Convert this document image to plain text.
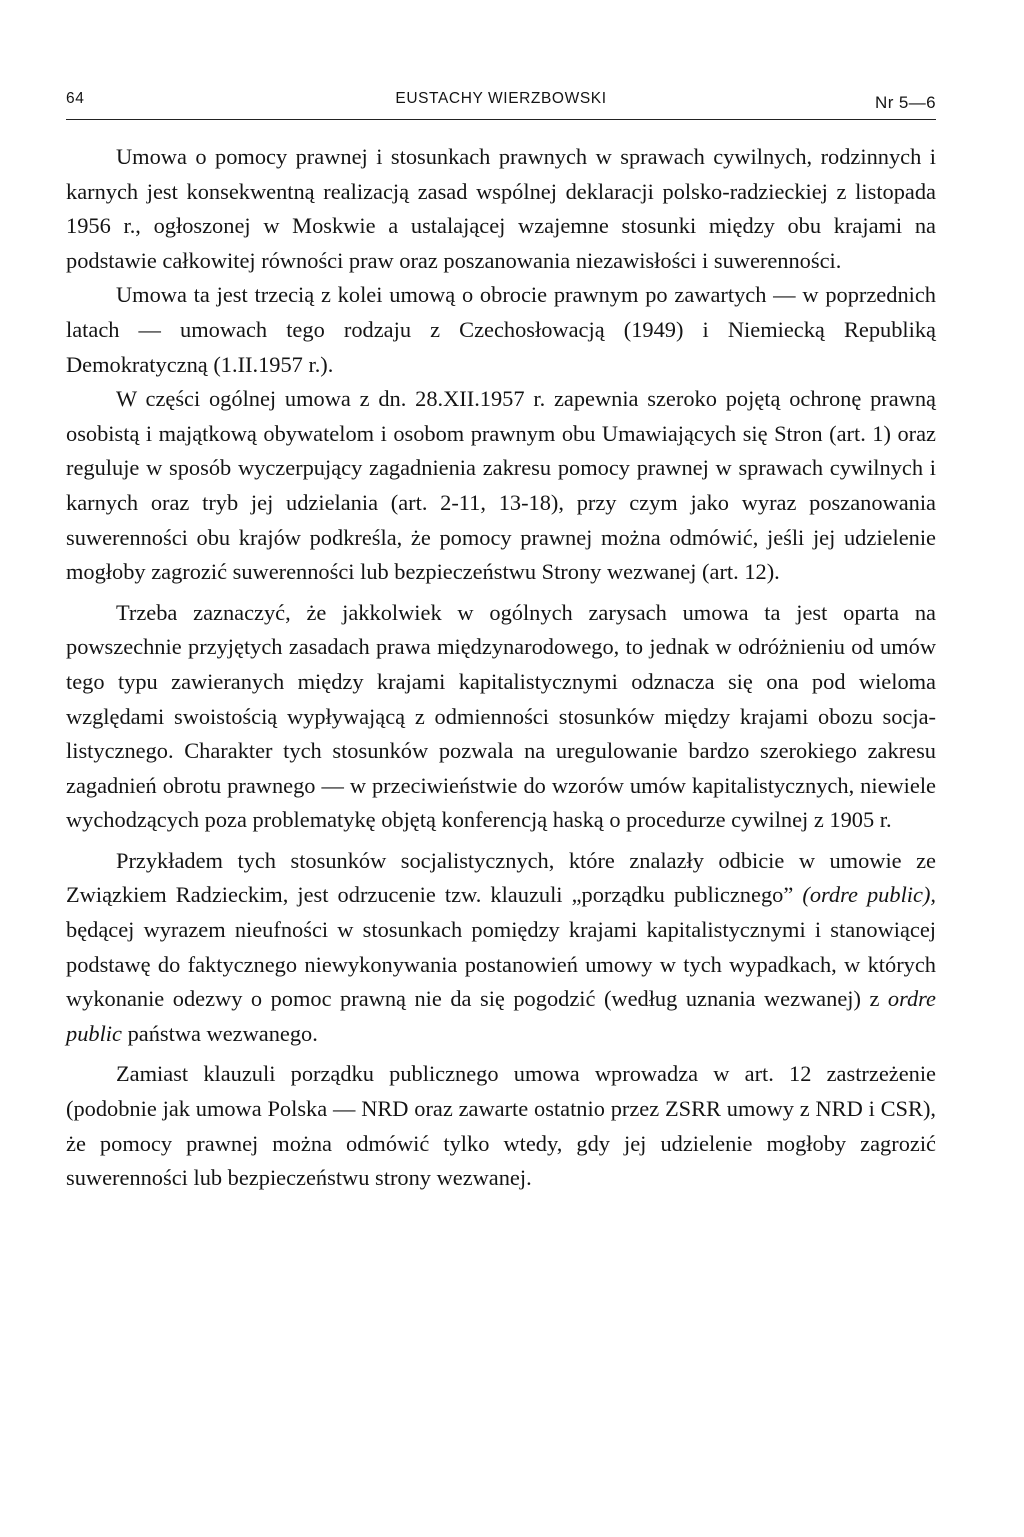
64	EUSTACHY WIERZBOWSKI	Nr 5—6

Umowa o pomocy prawnej i stosunkach prawnych w sprawach cywilnych, rodzinnych i karnych jest konsekwentną realizacją zasad wspólnej deklaracji polsko-radzieckiej z listopada 1956 r., ogłoszonej w Moskwie a ustalającej wzajemne stosunki między obu krajami na podstawie całkowitej równości praw oraz poszanowania niezawisłości i suwerenności.

Umowa ta jest trzecią z kolei umową o obrocie prawnym po zawartych — w poprzednich latach — umowach tego rodzaju z Czechosłowacją (1949) i Niemiecką Republiką Demokratyczną (1.II.1957 r.).

W części ogólnej umowa z dn. 28.XII.1957 r. zapewnia szeroko pojętą ochronę prawną osobistą i majątkową obywatelom i osobom prawnym obu Umawiających się Stron (art. 1) oraz reguluje w sposób wyczerpujący zagadnienia zakresu pomocy prawnej w sprawach cywilnych i karnych oraz tryb jej udzielania (art. 2-11, 13-18), przy czym jako wyraz poszanowania suwerenności obu krajów podkreśla, że pomocy prawnej można odmówić, jeśli jej udzielenie mogłoby zagrozić suwerenności lub bezpieczeństwu Strony wezwanej (art. 12).

Trzeba zaznaczyć, że jakkolwiek w ogólnych zarysach umowa ta jest oparta na powszechnie przyjętych zasadach prawa międzynarodowego, to jednak w odróżnieniu od umów tego typu zawieranych między krajami kapitalistycznymi odznacza się ona pod wieloma względami swoistością wypływającą z odmienności stosunków między krajami obozu socjalistycznego. Charakter tych stosunków pozwala na uregulowanie bardzo szerokiego zakresu zagadnień obrotu prawnego — w przeciwieństwie do wzorów umów kapitalistycznych, niewiele wychodzących poza problematykę objętą konferencją haską o procedurze cywilnej z 1905 r.

Przykładem tych stosunków socjalistycznych, które znalazły odbicie w umowie ze Związkiem Radzieckim, jest odrzucenie tzw. klauzuli „porządku publicznego” (ordre public), będącej wyrazem nieufności w stosunkach pomiędzy krajami kapitalistycznymi i stanowiącej podstawę do faktycznego niewykonywania postanowień umowy w tych wypadkach, w których wykonanie odezwy o pomoc prawną nie da się pogodzić (według uznania wezwanej) z ordre public państwa wezwanego.

Zamiast klauzuli porządku publicznego umowa wprowadza w art. 12 zastrzeżenie (podobnie jak umowa Polska — NRD oraz zawarte ostatnio przez ZSRR umowy z NRD i CSR), że pomocy prawnej można odmówić tylko wtedy, gdy jej udzielenie mogłoby zagrozić suwerenności lub bezpieczeństwu strony wezwanej.
